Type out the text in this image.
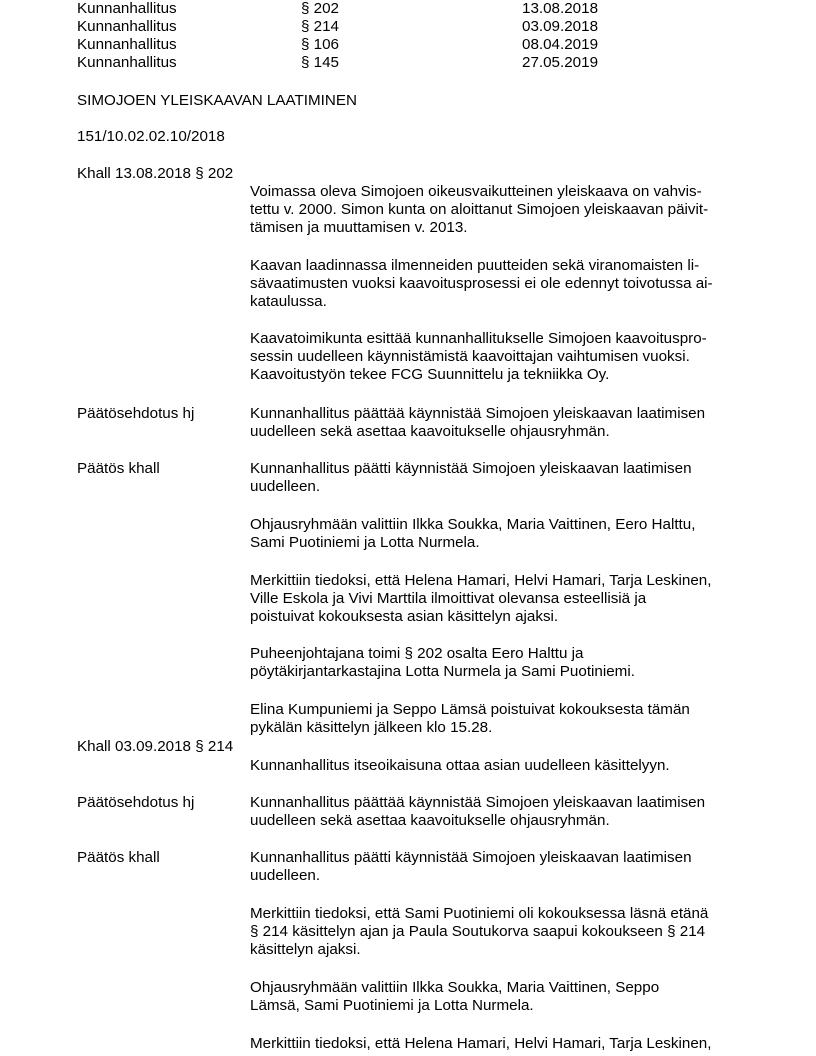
Kunnanhallitus	§ 202	13.08.2018
Kunnanhallitus	§ 214	03.09.2018
Kunnanhallitus	§ 106	08.04.2019
Kunnanhallitus	§ 145	27.05.2019
SIMOJOEN YLEISKAAVAN LAATIMINEN
151/10.02.02.10/2018
Khall 13.08.2018 § 202
Voimassa oleva Simojoen oikeusvaikutteinen yleiskaava on vahvis-
tettu v. 2000. Simon kunta on aloittanut Simojoen yleiskaavan päivit-
tämisen ja muuttamisen v. 2013.
Kaavan laadinnassa ilmenneiden puutteiden sekä viranomaisten li-
sävaatimusten vuoksi kaavoitusprosessi ei ole edennyt toivotussa ai-
kataulussa.
Kaavatoimikunta esittää kunnanhallitukselle Simojoen kaavoituspro-
sessin uudelleen käynnistämistä kaavoittajan vaihtumisen vuoksi.
Kaavoitustyön tekee FCG Suunnittelu ja tekniikka Oy.
Päätösehdotus hj	Kunnanhallitus päättää käynnistää Simojoen yleiskaavan laatimisen
uudelleen sekä asettaa kaavoitukselle ohjausryhmän.
Päätös khall	Kunnanhallitus päätti käynnistää Simojoen yleiskaavan laatimisen
uudelleen.
Ohjausryhmään valittiin Ilkka Soukka, Maria Vaittinen, Eero Halttu,
Sami Puotiniemi ja Lotta Nurmela.
Merkittiin tiedoksi, että Helena Hamari, Helvi Hamari, Tarja Leskinen,
Ville Eskola ja Vivi Marttila ilmoittivat olevansa esteellisiä ja
poistuivat kokouksesta asian käsittelyn ajaksi.
Puheenjohtajana toimi § 202 osalta Eero Halttu ja
pöytäkirjantarkastajina Lotta Nurmela ja Sami Puotiniemi.
Elina Kumpuniemi ja Seppo Lämsä poistuivat kokouksesta tämän
pykälän käsittelyn jälkeen klo 15.28.
Khall 03.09.2018 § 214
Kunnanhallitus itseoikaisuna ottaa asian uudelleen käsittelyyn.
Päätösehdotus hj	Kunnanhallitus päättää käynnistää Simojoen yleiskaavan laatimisen
uudelleen sekä asettaa kaavoitukselle ohjausryhmän.
Päätös khall	Kunnanhallitus päätti käynnistää Simojoen yleiskaavan laatimisen
uudelleen.
Merkittiin tiedoksi, että Sami Puotiniemi oli kokouksessa läsnä etänä
§ 214 käsittelyn ajan ja Paula Soutukorva saapui kokoukseen § 214
käsittelyn ajaksi.
Ohjausryhmään valittiin Ilkka Soukka, Maria Vaittinen, Seppo
Lämsä, Sami Puotiniemi ja Lotta Nurmela.
Merkittiin tiedoksi, että Helena Hamari, Helvi Hamari, Tarja Leskinen,
